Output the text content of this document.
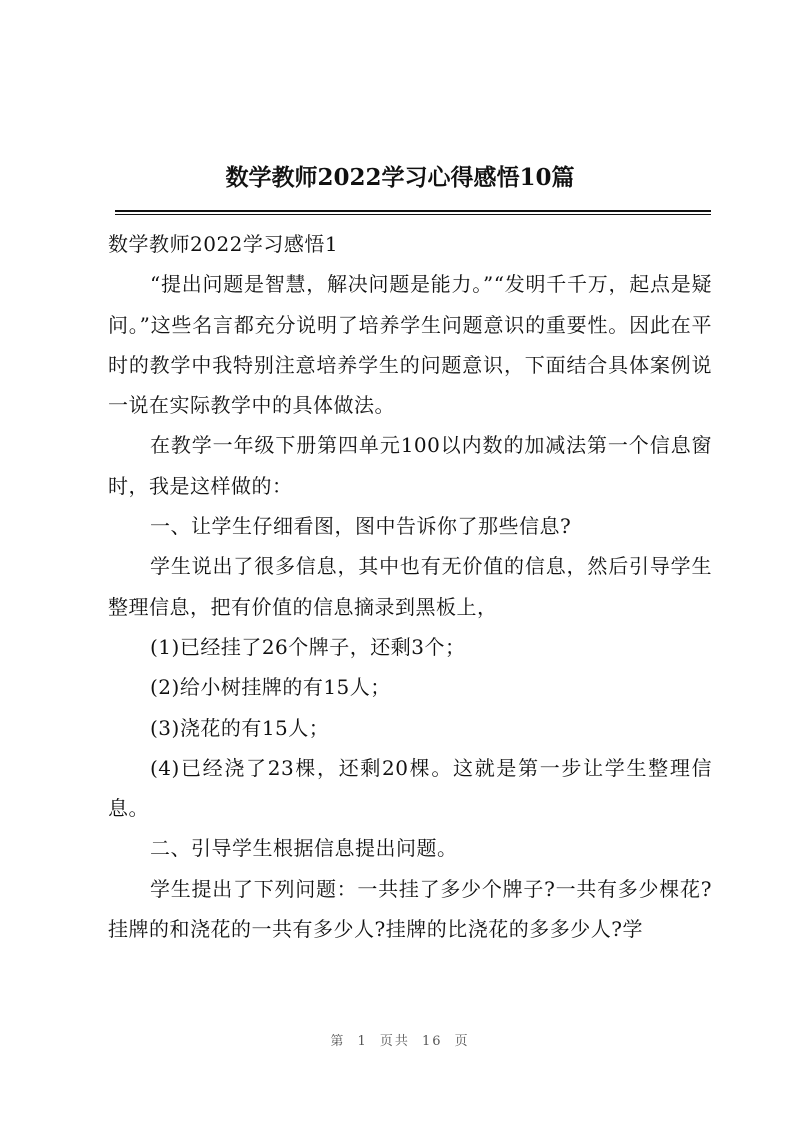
数学教师2022学习心得感悟10篇

数学教师2022学习感悟1

“提出问题是智慧，解决问题是能力。”“发明千千万，起点是疑问。”这些名言都充分说明了培养学生问题意识的重要性。因此在平时的教学中我特别注意培养学生的问题意识，下面结合具体案例说一说在实际教学中的具体做法。

在教学一年级下册第四单元100以内数的加减法第一个信息窗时，我是这样做的：

一、让学生仔细看图，图中告诉你了那些信息?

学生说出了很多信息，其中也有无价值的信息，然后引导学生整理信息，把有价值的信息摘录到黑板上，

(1)已经挂了26个牌子，还剩3个；

(2)给小树挂牌的有15人；

(3)浇花的有15人；

(4)已经浇了23棵，还剩20棵。这就是第一步让学生整理信息。

二、引导学生根据信息提出问题。

学生提出了下列问题：一共挂了多少个牌子?一共有多少棵花?挂牌的和浇花的一共有多少人?挂牌的比浇花的多多少人?学

第 1 页共 16 页
